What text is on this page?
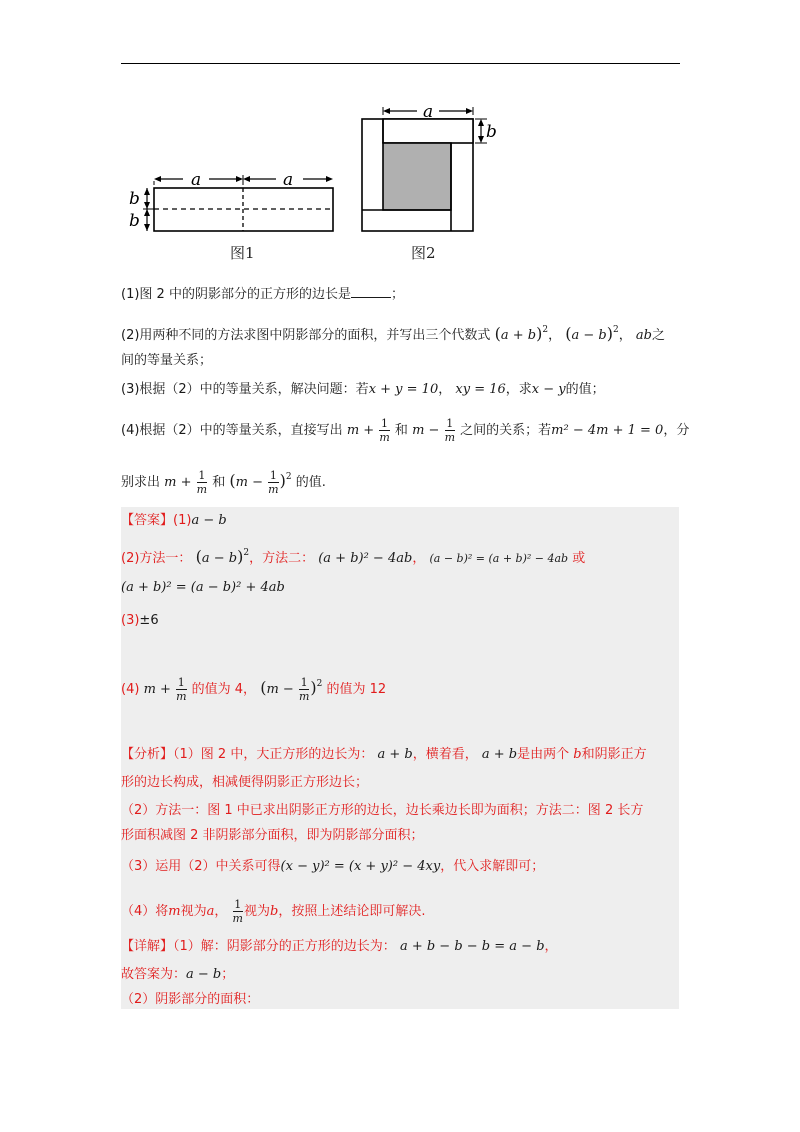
a	a
b
b
a
b
图1	图2
(1)图 2 中的阴影部分的正方形的边长是	；
(2)用两种不同的方法求图中阴影部分的面积，并写出三个代数式 $(a + b)^2$， $(a - b)^2$， ab之
间的等量关系；
(3)根据（2）中的等量关系，解决问题：若x + y = 10， xy = 16，求x − y的值；
(4)根据（2）中的等量关系，直接写出 $m + \frac{1}{m}$ 和 $m - \frac{1}{m}$ 之间的关系；若m² − 4m + 1 = 0，分
别求出 $m + \frac{1}{m}$ 和 $(m - \frac{1}{m} )^2$ 的值.
【答案】(1)a − b
(2)方法一： $(a - b)^2$，方法二： (a + b)² − 4ab， (a − b)² = (a + b)² − 4ab 或
(a + b)² = (a − b)² + 4ab
(3)±6
(4) $m + \frac{1}{m}$ 的值为 4， $(m - \frac{1}{m} )^2$ 的值为 12
【分析】（1）图 2 中，大正方形的边长为： a + b，横着看， a + b是由两个 b和阴影正方
形的边长构成，相减便得阴影正方形边长；
（2）方法一：图 1 中已求出阴影正方形的边长，边长乘边长即为面积；方法二：图 2 长方
形面积减图 2 非阴影部分面积，即为阴影部分面积；
（3）运用（2）中关系可得(x − y)² = (x + y)² − 4xy，代入求解即可；
（4）将m视为a， $\frac{1}{m}$ 视为b，按照上述结论即可解决.
【详解】（1）解：阴影部分的正方形的边长为： a + b − b − b = a − b，
故答案为：a − b；
（2）阴影部分的面积：
